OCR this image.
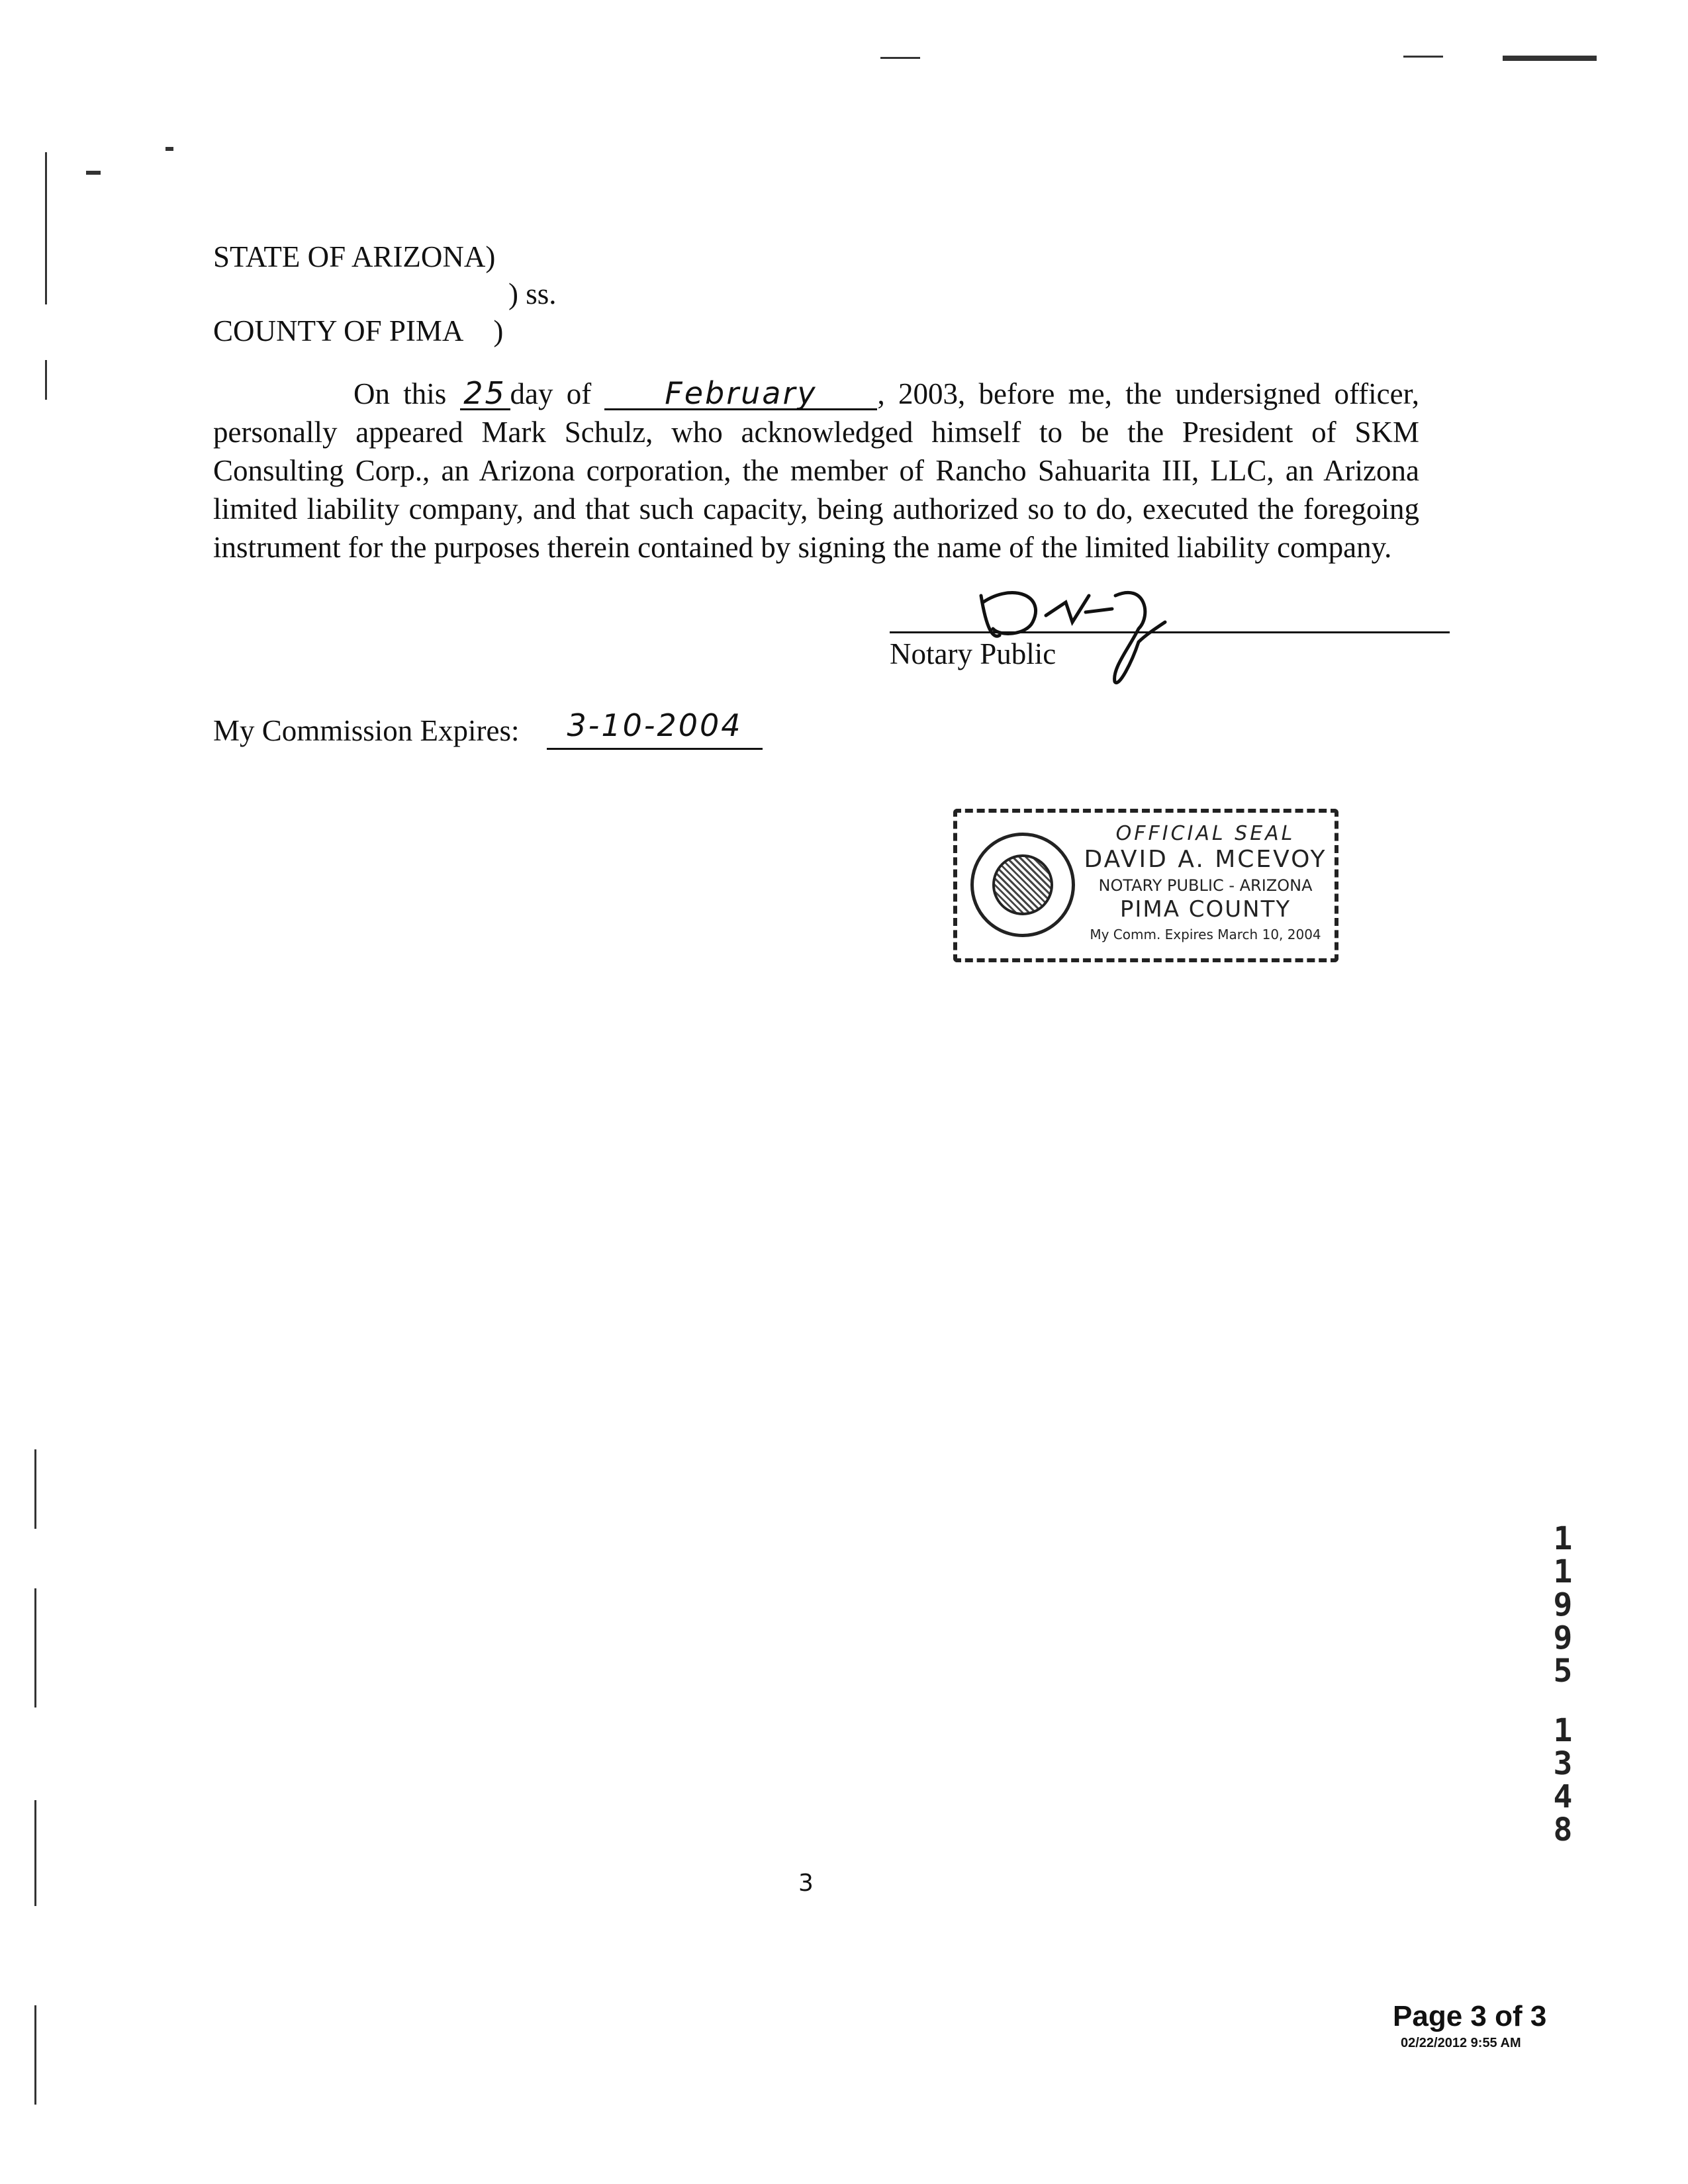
STATE OF ARIZONA)
) ss.
COUNTY OF PIMA    )
On this 25 day of February , 2003, before me, the undersigned officer, personally appeared Mark Schulz, who acknowledged himself to be the President of SKM Consulting Corp., an Arizona corporation, the member of Rancho Sahuarita III, LLC, an Arizona limited liability company, and that such capacity, being authorized so to do, executed the foregoing instrument for the purposes therein contained by signing the name of the limited liability company.
Notary Public
My Commission Expires: 3-10-2004
OFFICIAL SEAL
DAVID A. MCEVOY
NOTARY PUBLIC - ARIZONA
PIMA COUNTY
My Comm. Expires March 10, 2004
1
1
9
9
5
1
3
4
8
3
Page 3 of 3
02/22/2012 9:55 AM
